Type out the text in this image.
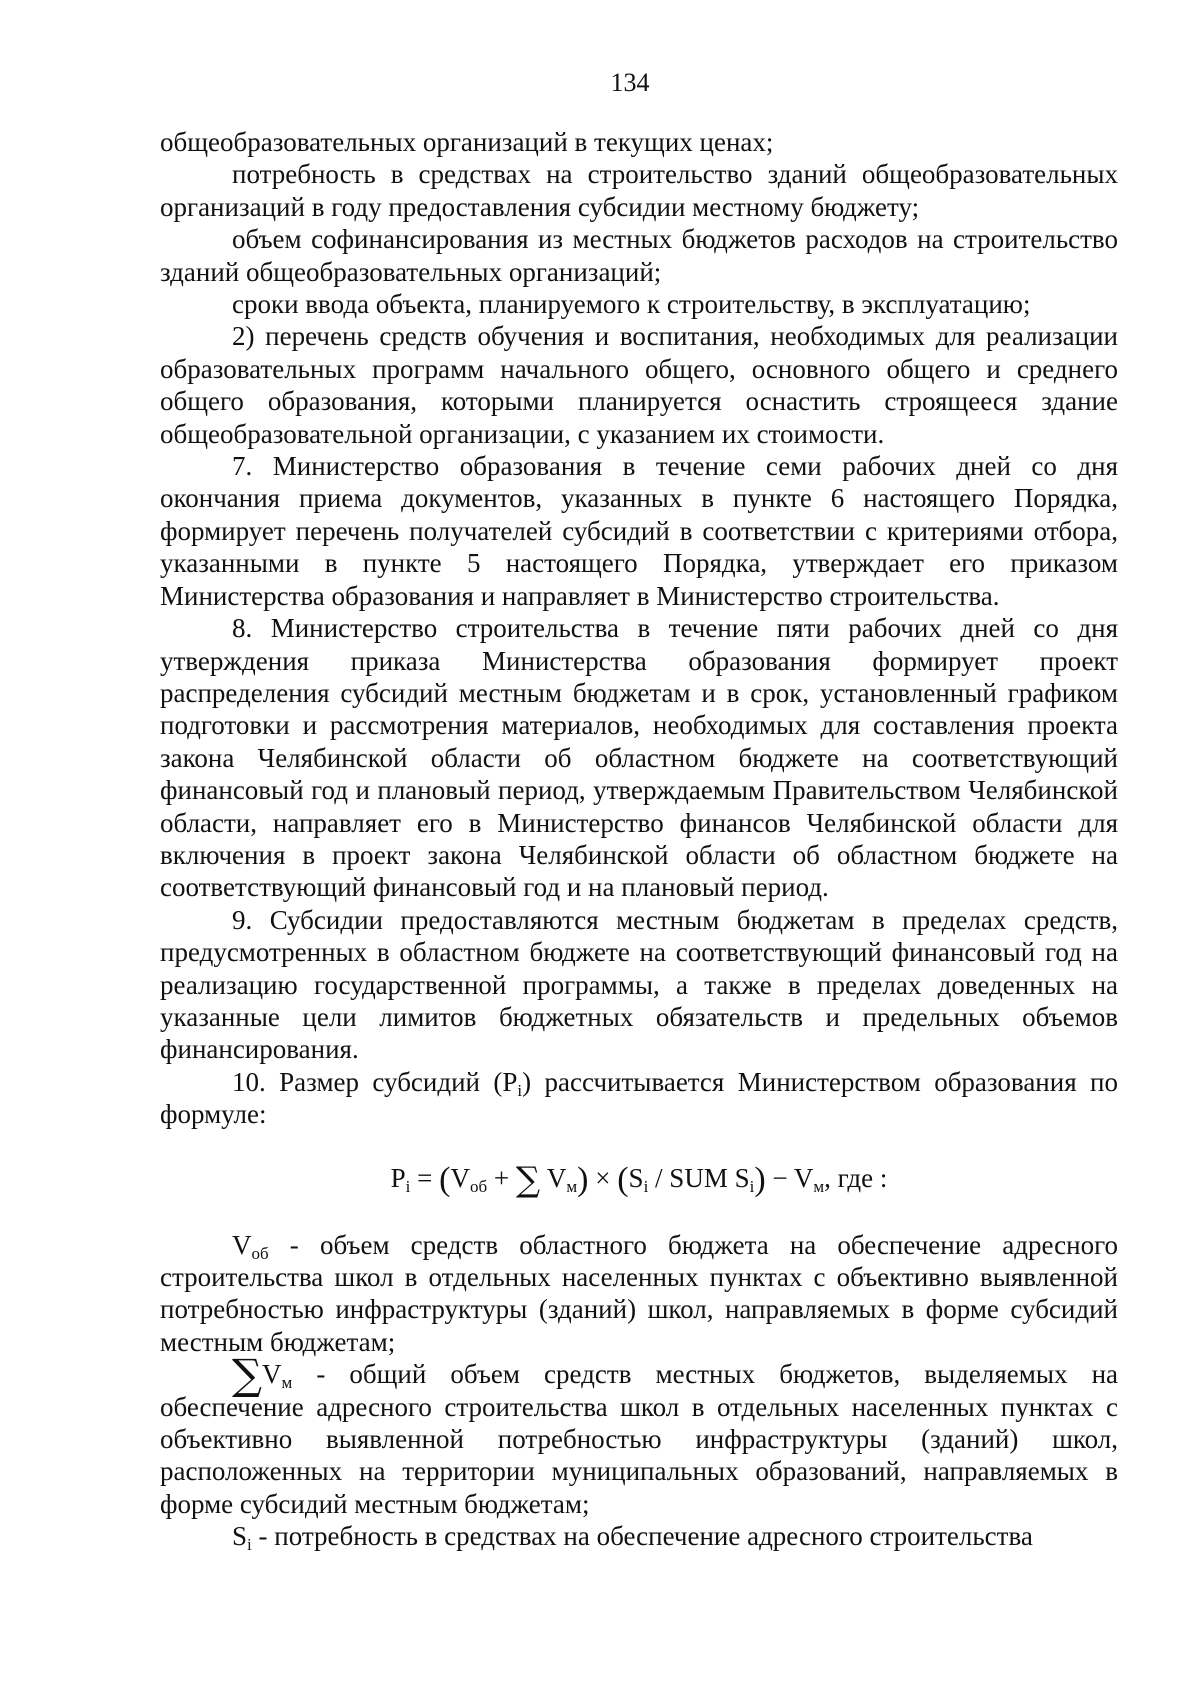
134

общеобразовательных организаций в текущих ценах;

потребность в средствах на строительство зданий общеобразовательных организаций в году предоставления субсидии местному бюджету;

объем софинансирования из местных бюджетов расходов на строительство зданий общеобразовательных организаций;

сроки ввода объекта, планируемого к строительству, в эксплуатацию;

2) перечень средств обучения и воспитания, необходимых для реализации образовательных программ начального общего, основного общего и среднего общего образования, которыми планируется оснастить строящееся здание общеобразовательной организации, с указанием их стоимости.

7. Министерство образования в течение семи рабочих дней со дня окончания приема документов, указанных в пункте 6 настоящего Порядка, формирует перечень получателей субсидий в соответствии с критериями отбора, указанными в пункте 5 настоящего Порядка, утверждает его приказом Министерства образования и направляет в Министерство строительства.

8. Министерство строительства в течение пяти рабочих дней со дня утверждения приказа Министерства образования формирует проект распределения субсидий местным бюджетам и в срок, установленный графиком подготовки и рассмотрения материалов, необходимых для составления проекта закона Челябинской области об областном бюджете на соответствующий финансовый год и плановый период, утверждаемым Правительством Челябинской области, направляет его в Министерство финансов Челябинской области для включения в проект закона Челябинской области об областном бюджете на соответствующий финансовый год и на плановый период.

9. Субсидии предоставляются местным бюджетам в пределах средств, предусмотренных в областном бюджете на соответствующий финансовый год на реализацию государственной программы, а также в пределах доведенных на указанные цели лимитов бюджетных обязательств и предельных объемов финансирования.

10. Размер субсидий $(P_i)$ рассчитывается Министерством образования по формуле:

$P_i = (V_{об}$ + ∑ $V_м) \times (S_i$ / SUM $S_i) - V_м$, где :

$V_{об}$ - объем средств областного бюджета на обеспечение адресного строительства школ в отдельных населенных пунктах с объективно выявленной потребностью инфраструктуры (зданий) школ, направляемых в форме субсидий местным бюджетам;

$\sum V_м$ - общий объем средств местных бюджетов, выделяемых на обеспечение адресного строительства школ в отдельных населенных пунктах с объективно выявленной потребностью инфраструктуры (зданий) школ, расположенных на территории муниципальных образований, направляемых в форме субсидий местным бюджетам;

$S_i$ - потребность в средствах на обеспечение адресного строительства
